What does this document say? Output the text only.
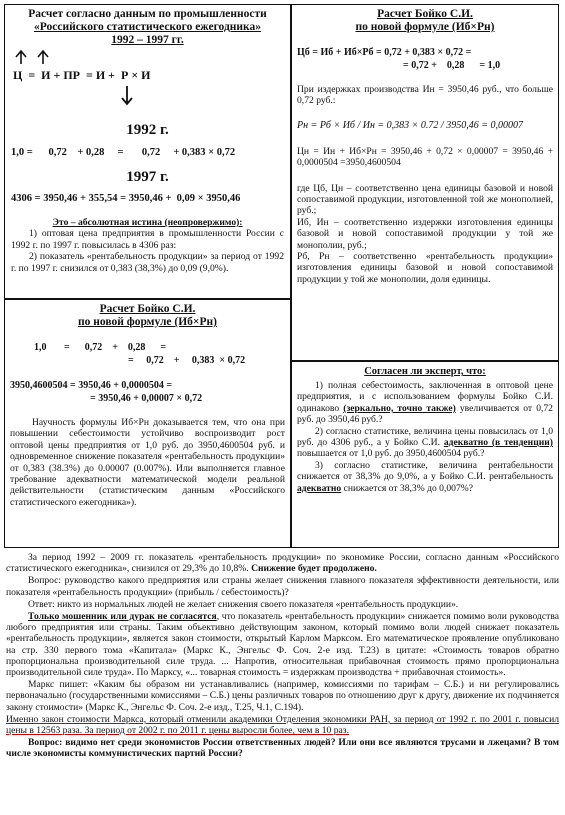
Расчет согласно данным по промышленности
«Российского статистического ежегодника»
1992 – 1997 гг.
Ц  =  И + ПР  = И +  Р × И
1992 г.
1,0 =      0,72    + 0,28     =       0,72     + 0,383 × 0,72
1997 г.
4306 = 3950,46 + 355,54 = 3950,46 +  0,09 × 3950,46
Это – абсолютная истина (неопровержимо):
1) оптовая цена предприятия в промышленности России с 1992 г. по 1997 г. повысилась в 4306 раз:
2) показатель «рентабельность продукции» за период от 1992 г. по 1997 г. снизился от 0,383 (38,3%) до 0,09 (9,0%).
Расчет Бойко С.И.
по новой формуле (Иб×Рн)
Цб = Иб + Иб×Рб = 0,72 + 0,383 × 0,72 =
= 0,72 +    0,28      = 1,0
При издержках производства Ин = 3950,46 руб., что больше 0,72 руб.:
Pн = Pб × Иб / Ин = 0,383 × 0.72 / 3950,46 = 0,00007
Цн = Ин + Иб×Рн = 3950,46 + 0,72 × 0,00007 = 3950,46 + 0,0000504 =3950,4600504
где Цб, Цн – соответственно цена единицы базовой и новой сопоставимой продукции, изготовленной той же монополией, руб.;
Иб, Ин – соответственно издержки изготовления единицы базовой и новой сопоставимой продукции у той же монополии, руб.;
Рб, Рн – соответственно «рентабельность продукции» изготовления единицы базовой и новой сопоставимой продукции у той же монополии, доля единицы.
Расчет Бойко С.И.
по новой формуле (Иб×Рн)
1,0       =      0,72    +    0,28      =
=     0,72    +     0,383  × 0,72
3950,4600504 = 3950,46 + 0,0000504 =
= 3950,46 + 0,00007 × 0,72
Научность формулы Иб×Рн доказывается тем, что она при повышении себестоимости устойчиво воспроизводит рост оптовой цены предприятия от 1,0 руб. до 3950,4600504 руб. и одновременное снижение показателя «рентабельность продукции» от 0,383 (38.3%) до 0.00007 (0.007%). Или выполняется главное требование адекватности математической модели реальной действительности (статистическим данным «Российского статистического ежегодника»).
Согласен ли эксперт, что:
1) полная себестоимость, заключенная в оптовой цене предприятия, и с использованием формулы Бойко С.И. одинаково (зеркально, точно также) увеличивается от 0,72 руб. до 3950,46 руб.?
2) согласно статистике, величина цены повысилась от 1,0 руб. до 4306 руб., а у Бойко С.И. адекватно (в тенденции) повышается от 1,0 руб. до 3950,4600504 руб.?
3) согласно статистике, величина рентабельности снижается от 38,3% до 9,0%, а у Бойко С.И. рентабельность адекватно снижается от 38,3% до 0,007%?

За период 1992 – 2009 гг. показатель «рентабельность продукции» по экономике России, согласно данным «Российского статистического ежегодника», снизился от 29,3% до 10,8%. Снижение будет продолжено.

Вопрос: руководство какого предприятия или страны желает снижения главного показателя эффективности деятельности, или показателя «рентабельность продукции» (прибыль / себестоимость)?

Ответ: никто из нормальных людей не желает снижения своего показателя «рентабельность продукции».

Только мошенник или дурак не согласятся, что показатель «рентабельность продукции» снижается помимо воли руководства любого предприятия или страны. Таким объективно действующим законом, который помимо воли людей снижает показатель «рентабельность продукции», является закон стоимости, открытый Карлом Марксом. Его математическое проявление опубликовано на стр. 330 первого тома «Капитала» (Маркс К., Энгельс Ф. Соч. 2-е изд. Т.23) в цитате: «Стоимость товаров обратно пропорциональна производительной силе труда. ... Напротив, относительная прибавочная стоимость прямо пропорциональна производительной силе труда». По Марксу, «... товарная стоимость = издержкам производства + прибавочная стоимость».

Маркс пишет: «Каким бы образом ни устанавливались (например, комиссиями по тарифам – С.Б.) и ни регулировались первоначально (государственными комиссиями – С.Б.) цены различных товаров по отношению друг к другу, движение их подчиняется закону стоимости» (Маркс К., Энгельс Ф. Соч. 2-е изд., Т.25, Ч.1, С.194).

Именно закон стоимости Маркса, который отменили академики Отделения экономики РАН, за период от 1992 г. по 2001 г. повысил цены в 12563 раза. За период от 2002 г. по 2011 г. цены выросли более, чем в 10 раз.

Вопрос: видимо нет среди экономистов России ответственных людей? Или они все являются трусами и лжецами? В том числе экономисты коммунистических партий России?
